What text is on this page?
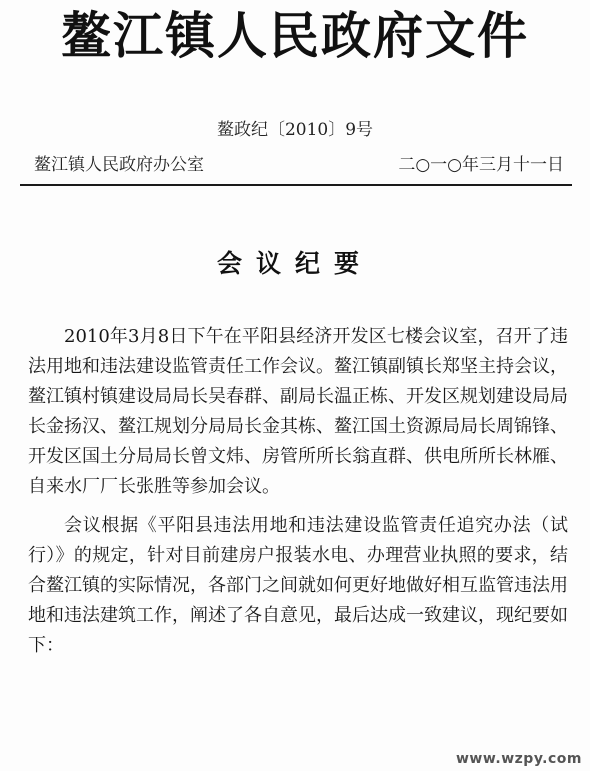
鳌江镇人民政府文件
鳌政纪〔2010〕9号
鳌江镇人民政府办公室	二○一○年三月十一日
会议纪要

2010年3月8日下午在平阳县经济开发区七楼会议室，召开了违法用地和违法建设监管责任工作会议。鳌江镇副镇长郑坚主持会议，鳌江镇村镇建设局局长吴春群、副局长温正栋、开发区规划建设局局长金扬汉、鳌江规划分局局长金其栋、鳌江国土资源局局长周锦锋、开发区国土分局局长曾文炜、房管所所长翁直群、供电所所长林雁、自来水厂厂长张胜等参加会议。

会议根据《平阳县违法用地和违法建设监管责任追究办法（试行）》的规定，针对目前建房户报装水电、办理营业执照的要求，结合鳌江镇的实际情况，各部门之间就如何更好地做好相互监管违法用地和违法建筑工作，阐述了各自意见，最后达成一致建议，现纪要如下：

www.wzpy.com
